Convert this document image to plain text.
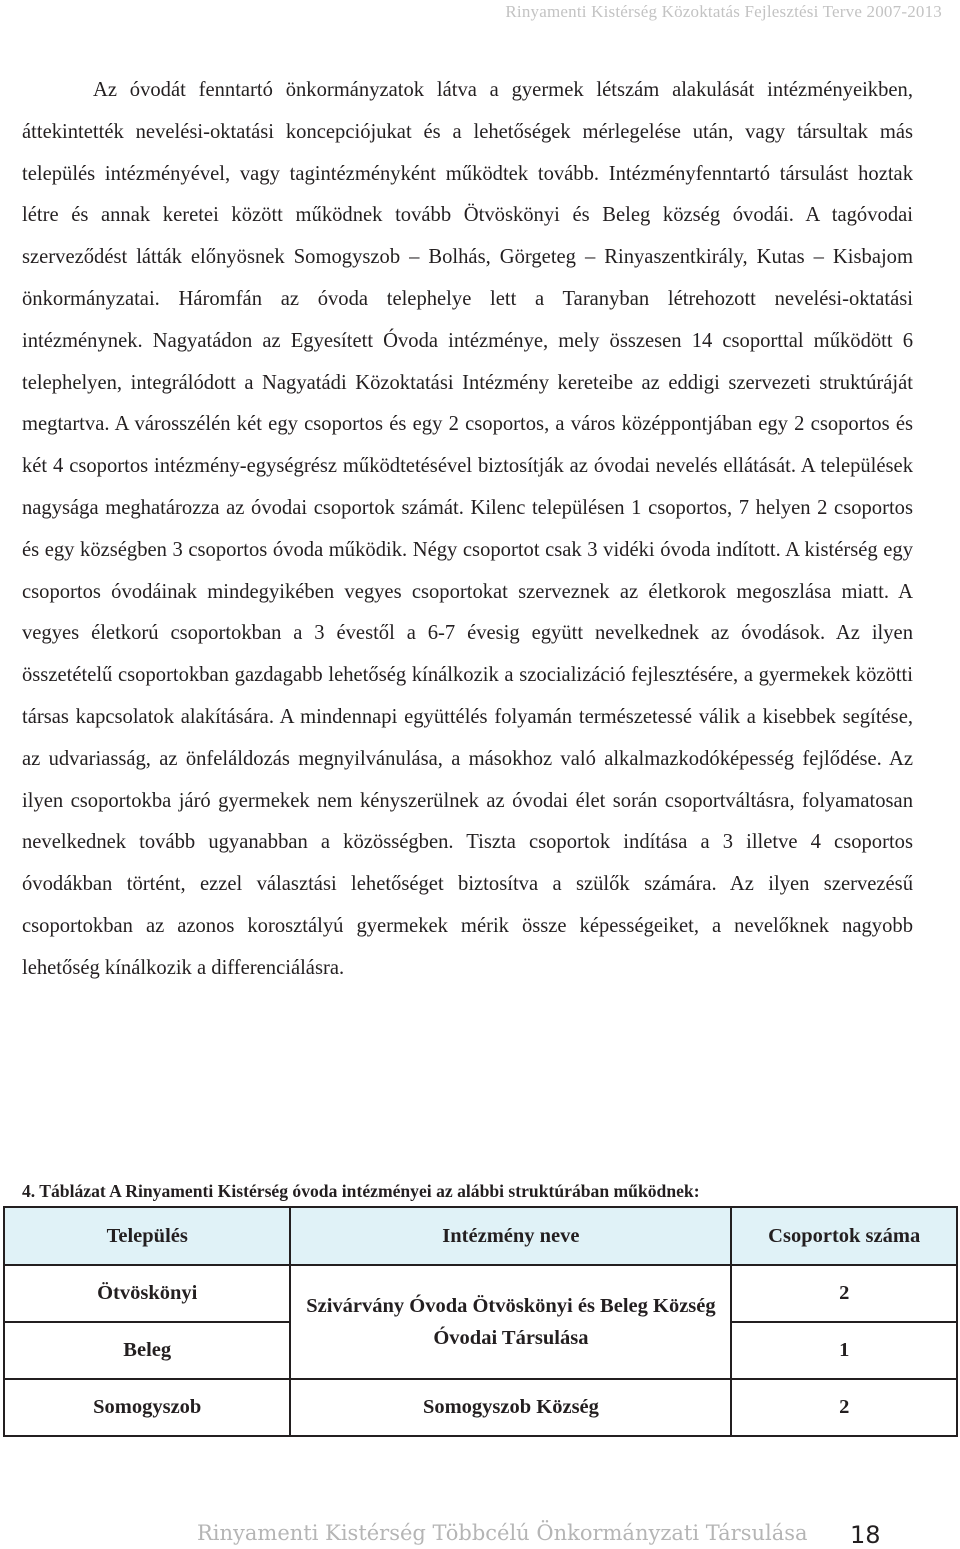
Rinyamenti Kistérség Közoktatás Fejlesztési Terve 2007-2013

Az óvodát fenntartó önkormányzatok látva a gyermek létszám alakulását intézményeikben, áttekintették nevelési-oktatási koncepciójukat és a lehetőségek mérlegelése után, vagy társultak más település intézményével, vagy tagintézményként működtek tovább. Intézményfenntartó társulást hoztak létre és annak keretei között működnek tovább Ötvöskönyi és Beleg község óvodái. A tagóvodai szerveződést látták előnyösnek Somogyszob – Bolhás, Görgeteg – Rinyaszentkirály, Kutas – Kisbajom önkormányzatai. Háromfán az óvoda telephelye lett a Taranyban létrehozott nevelési-oktatási intézménynek. Nagyatádon az Egyesített Óvoda intézménye, mely összesen 14 csoporttal működött 6 telephelyen, integrálódott a Nagyatádi Közoktatási Intézmény kereteibe az eddigi szervezeti struktúráját megtartva. A városszélén két egy csoportos és egy 2 csoportos, a város középpontjában egy 2 csoportos és két 4 csoportos intézmény-egységrész működtetésével biztosítják az óvodai nevelés ellátását. A települések nagysága meghatározza az óvodai csoportok számát. Kilenc településen 1 csoportos, 7 helyen 2 csoportos és egy községben 3 csoportos óvoda működik. Négy csoportot csak 3 vidéki óvoda indított. A kistérség egy csoportos óvodáinak mindegyikében vegyes csoportokat szerveznek az életkorok megoszlása miatt. A vegyes életkorú csoportokban a 3 évestől a 6-7 évesig együtt nevelkednek az óvodások. Az ilyen összetételű csoportokban gazdagabb lehetőség kínálkozik a szocializáció fejlesztésére, a gyermekek közötti társas kapcsolatok alakítására. A mindennapi együttélés folyamán természetessé válik a kisebbek segítése, az udvariasság, az önfeláldozás megnyilvánulása, a másokhoz való alkalmazkodóképesség fejlődése. Az ilyen csoportokba járó gyermekek nem kényszerülnek az óvodai élet során csoportváltásra, folyamatosan nevelkednek tovább ugyanabban a közösségben. Tiszta csoportok indítása a 3 illetve 4 csoportos óvodákban történt, ezzel választási lehetőséget biztosítva a szülők számára. Az ilyen szervezésű csoportokban az azonos korosztályú gyermekek mérik össze képességeiket, a nevelőknek nagyobb lehetőség kínálkozik a differenciálásra.

4. Táblázat A Rinyamenti Kistérség óvoda intézményei az alábbi struktúrában működnek:

Település	Intézmény neve	Csoportok száma
Ötvöskönyi	Szivárvány Óvoda Ötvöskönyi és Beleg Község Óvodai Társulása	2
Beleg		1
Somogyszob	Somogyszob Község	2
Rinyamenti Kistérség Többcélú Önkormányzati Társulása 18
